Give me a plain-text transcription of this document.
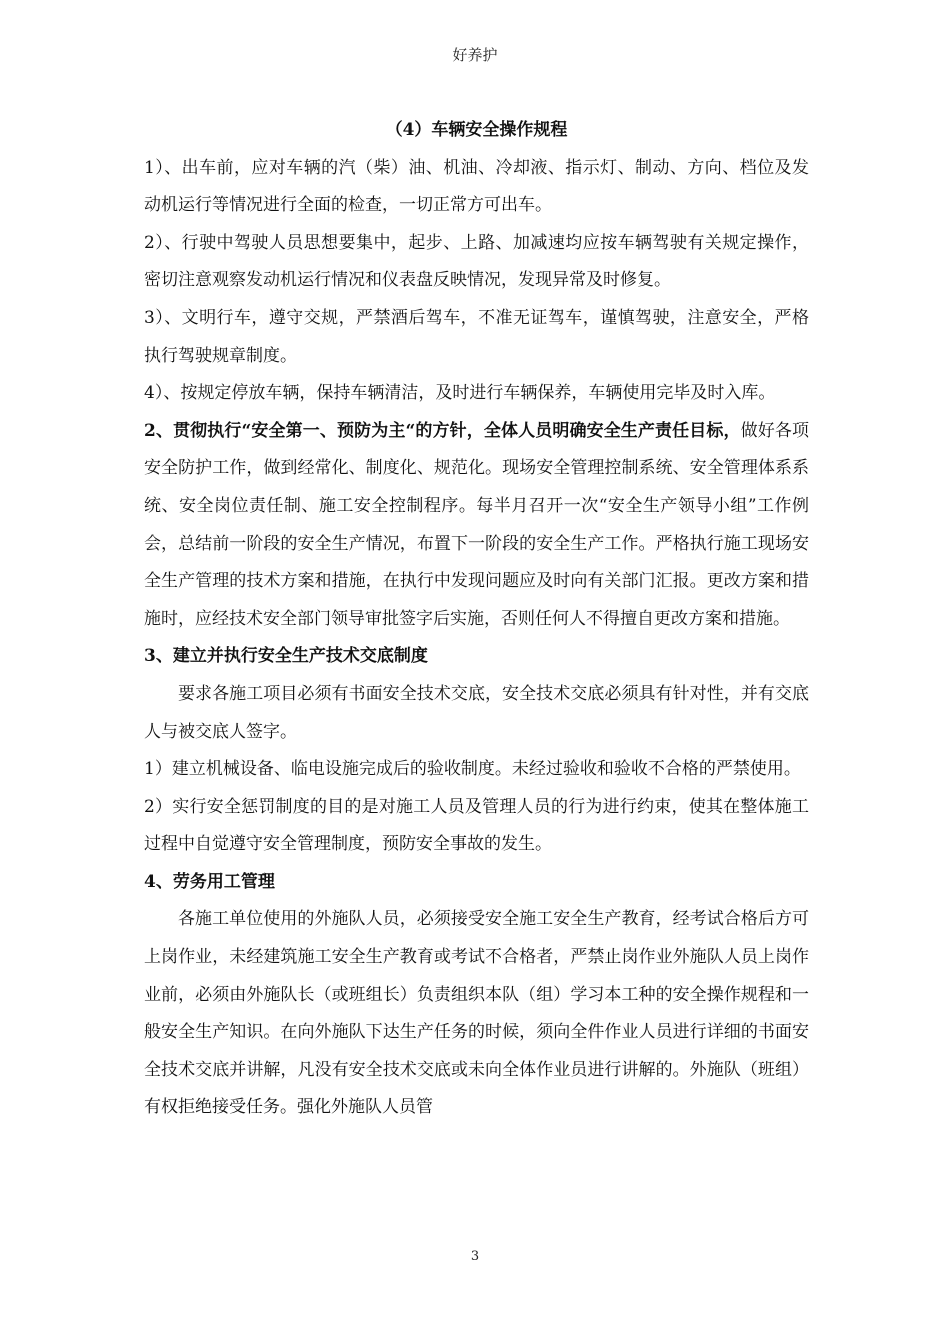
好养护

（4）车辆安全操作规程

1）、出车前，应对车辆的汽（柴）油、机油、冷却液、指示灯、制动、方向、档位及发动机运行等情况进行全面的检查，一切正常方可出车。

2）、行驶中驾驶人员思想要集中，起步、上路、加减速均应按车辆驾驶有关规定操作，密切注意观察发动机运行情况和仪表盘反映情况，发现异常及时修复。

3）、文明行车，遵守交规，严禁酒后驾车，不准无证驾车，谨慎驾驶，注意安全，严格执行驾驶规章制度。

4）、按规定停放车辆，保持车辆清洁，及时进行车辆保养，车辆使用完毕及时入库。

2、贯彻执行“安全第一、预防为主“的方针，全体人员明确安全生产责任目标，做好各项安全防护工作，做到经常化、制度化、规范化。现场安全管理控制系统、安全管理体系系统、安全岗位责任制、施工安全控制程序。每半月召开一次“安全生产领导小组”工作例会，总结前一阶段的安全生产情况，布置下一阶段的安全生产工作。严格执行施工现场安全生产管理的技术方案和措施，在执行中发现问题应及时向有关部门汇报。更改方案和措施时，应经技术安全部门领导审批签字后实施，否则任何人不得擅自更改方案和措施。

3、建立并执行安全生产技术交底制度

要求各施工项目必须有书面安全技术交底，安全技术交底必须具有针对性，并有交底人与被交底人签字。

1）建立机械设备、临电设施完成后的验收制度。未经过验收和验收不合格的严禁使用。

2）实行安全惩罚制度的目的是对施工人员及管理人员的行为进行约束，使其在整体施工过程中自觉遵守安全管理制度，预防安全事故的发生。

4、劳务用工管理

各施工单位使用的外施队人员，必须接受安全施工安全生产教育，经考试合格后方可上岗作业，未经建筑施工安全生产教育或考试不合格者，严禁止岗作业外施队人员上岗作业前，必须由外施队长（或班组长）负责组织本队（组）学习本工种的安全操作规程和一般安全生产知识。在向外施队下达生产任务的时候，须向全件作业人员进行详细的书面安全技术交底并讲解，凡没有安全技术交底或未向全体作业员进行讲解的。外施队（班组）有权拒绝接受任务。强化外施队人员管

3
